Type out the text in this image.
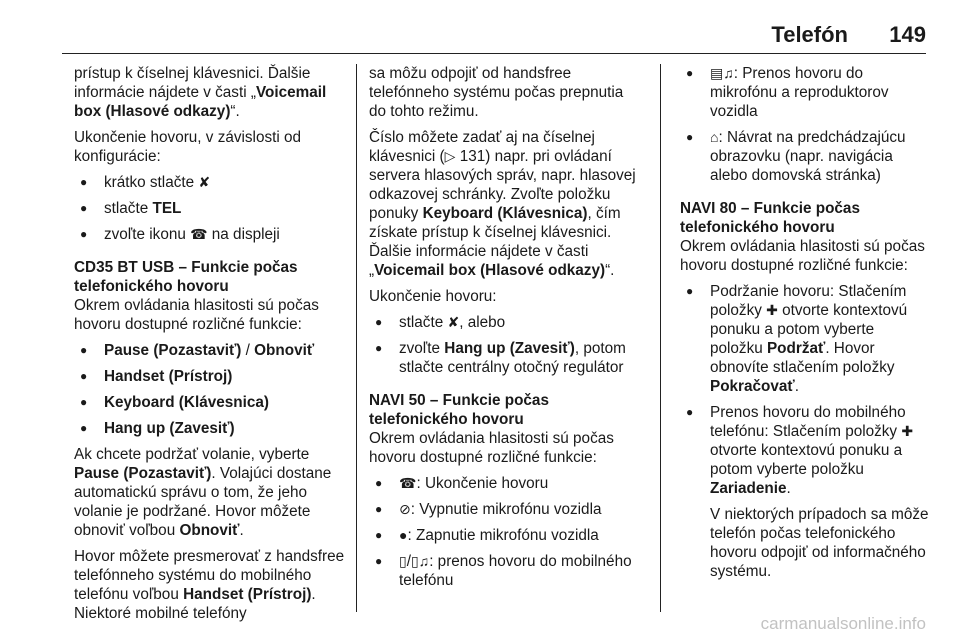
Telefón 149

prístup k číselnej klávesnici. Ďalšie informácie nájdete v časti „Voicemail box (Hlasové odkazy)“.

Ukončenie hovoru, v závislosti od konfigurácie:

● krátko stlačte ✘
● stlačte TEL
● zvoľte ikonu ☎ na displeji

CD35 BT USB – Funkcie počas telefonického hovoru

Okrem ovládania hlasitosti sú počas hovoru dostupné rozličné funkcie:

● Pause (Pozastaviť) / Obnoviť
● Handset (Prístroj)
● Keyboard (Klávesnica)
● Hang up (Zavesiť)

Ak chcete podržať volanie, vyberte Pause (Pozastaviť). Volajúci dostane automatickú správu o tom, že jeho volanie je podržané. Hovor môžete obnoviť voľbou Obnoviť.

Hovor môžete presmerovať z handsfree telefónneho systému do mobilného telefónu voľbou Handset (Prístroj). Niektoré mobilné telefóny

sa môžu odpojiť od handsfree telefónneho systému počas prepnutia do tohto režimu.

Číslo môžete zadať aj na číselnej klávesnici (▷ 131) napr. pri ovládaní servera hlasových správ, napr. hlasovej odkazovej schránky. Zvoľte položku ponuky Keyboard (Klávesnica), čím získate prístup k číselnej klávesnici. Ďalšie informácie nájdete v časti „Voicemail box (Hlasové odkazy)“.

Ukončenie hovoru:

● stlačte ✘, alebo
● zvoľte Hang up (Zavesiť), potom stlačte centrálny otočný regulátor

NAVI 50 – Funkcie počas telefonického hovoru

Okrem ovládania hlasitosti sú počas hovoru dostupné rozličné funkcie:

● ☎: Ukončenie hovoru
● ⊘: Vypnutie mikrofónu vozidla
● ●: Zapnutie mikrofónu vozidla
● ▯/▯♫: prenos hovoru do mobilného telefónu
● ▤♫: Prenos hovoru do mikrofónu a reproduktorov vozidla
● ⌂: Návrat na predchádzajúcu obrazovku (napr. navigácia alebo domovská stránka)

NAVI 80 – Funkcie počas telefonického hovoru

Okrem ovládania hlasitosti sú počas hovoru dostupné rozličné funkcie:

● Podržanie hovoru: Stlačením položky ✚ otvorte kontextovú ponuku a potom vyberte položku Podržať. Hovor obnovíte stlačením položky Pokračovať.
● Prenos hovoru do mobilného telefónu: Stlačením položky ✚ otvorte kontextovú ponuku a potom vyberte položku Zariadenie.
V niektorých prípadoch sa môže telefón počas telefonického hovoru odpojiť od informačného systému.
carmanualsonline.info
